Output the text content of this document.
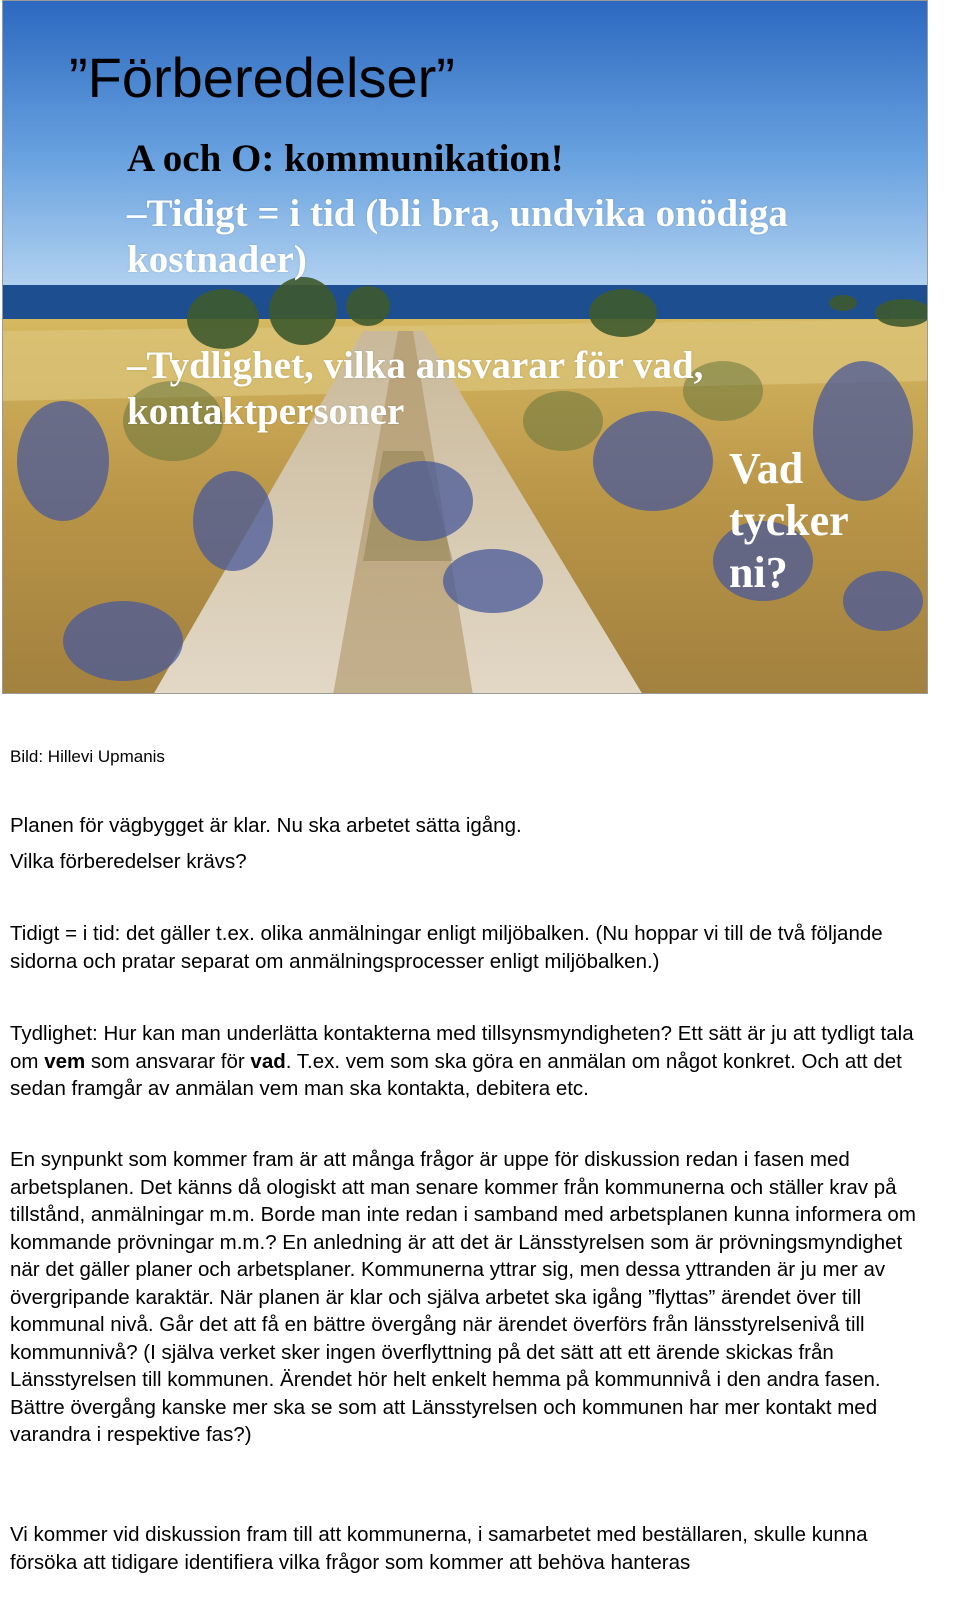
”Förberedelser”
A och O: kommunikation!
–Tidigt = i tid (bli bra, undvika onödiga kostnader)
–Tydlighet, vilka ansvarar för vad, kontaktpersoner
Vad tycker ni?
Bild: Hillevi Upmanis
Planen för vägbygget är klar. Nu ska arbetet sätta igång.
Vilka förberedelser krävs?

Tidigt = i tid: det gäller t.ex. olika anmälningar enligt miljöbalken. (Nu hoppar vi till de två följande sidorna och pratar separat om anmälningsprocesser enligt miljöbalken.)

Tydlighet: Hur kan man underlätta kontakterna med tillsynsmyndigheten? Ett sätt är ju att tydligt tala om vem som ansvarar för vad. T.ex. vem som ska göra en anmälan om något konkret. Och att det sedan framgår av anmälan vem man ska kontakta, debitera etc.

En synpunkt som kommer fram är att många frågor är uppe för diskussion redan i fasen med arbetsplanen. Det känns då ologiskt att man senare kommer från kommunerna och ställer krav på tillstånd, anmälningar m.m. Borde man inte redan i samband med arbetsplanen kunna informera om kommande prövningar m.m.? En anledning är att det är Länsstyrelsen som är prövningsmyndighet när det gäller planer och arbetsplaner. Kommunerna yttrar sig, men dessa yttranden är ju mer av övergripande karaktär. När planen är klar och själva arbetet ska igång ”flyttas” ärendet över till kommunal nivå. Går det att få en bättre övergång när ärendet överförs från länsstyrelsenivå till kommunnivå? (I själva verket sker ingen överflyttning på det sätt att ett ärende skickas från Länsstyrelsen till kommunen. Ärendet hör helt enkelt hemma på kommunnivå i den andra fasen. Bättre övergång kanske mer ska se som att Länsstyrelsen och kommunen har mer kontakt med varandra i respektive fas?)

Vi kommer vid diskussion fram till att kommunerna, i samarbetet med beställaren, skulle kunna försöka att tidigare identifiera vilka frågor som kommer att behöva hanteras
